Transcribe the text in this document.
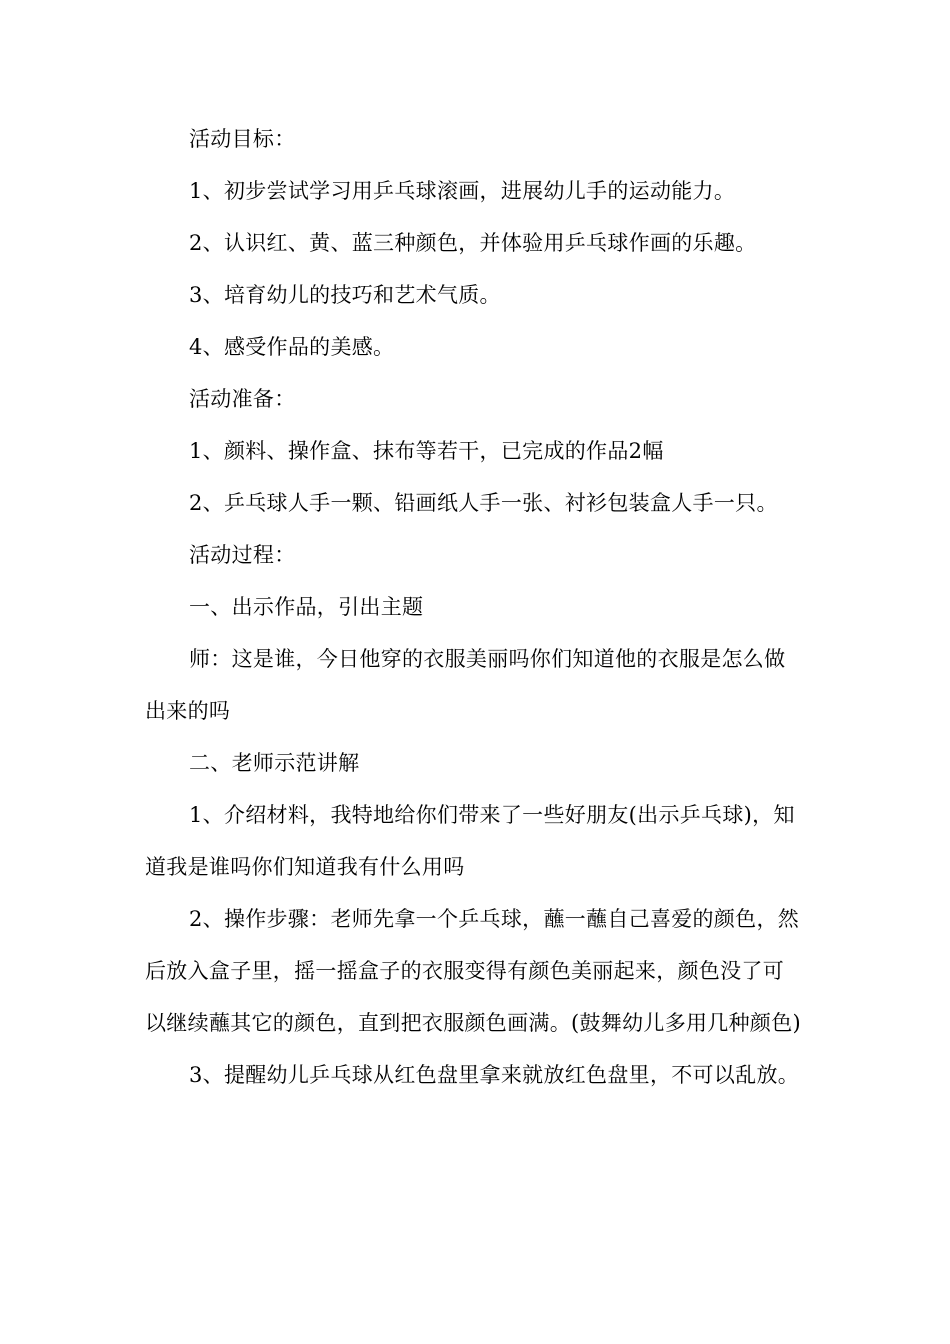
活动目标：

1、初步尝试学习用乒乓球滚画，进展幼儿手的运动能力。

2、认识红、黄、蓝三种颜色，并体验用乒乓球作画的乐趣。

3、培育幼儿的技巧和艺术气质。

4、感受作品的美感。

活动准备：

1、颜料、操作盒、抹布等若干，已完成的作品2幅

2、乒乓球人手一颗、铅画纸人手一张、衬衫包装盒人手一只。

活动过程：

一、出示作品，引出主题

师：这是谁，今日他穿的衣服美丽吗你们知道他的衣服是怎么做出来的吗

二、老师示范讲解

1、介绍材料，我特地给你们带来了一些好朋友(出示乒乓球)，知道我是谁吗你们知道我有什么用吗

2、操作步骤：老师先拿一个乒乓球，蘸一蘸自己喜爱的颜色，然后放入盒子里，摇一摇盒子的衣服变得有颜色美丽起来，颜色没了可以继续蘸其它的颜色，直到把衣服颜色画满。(鼓舞幼儿多用几种颜色)

3、提醒幼儿乒乓球从红色盘里拿来就放红色盘里，不可以乱放。
